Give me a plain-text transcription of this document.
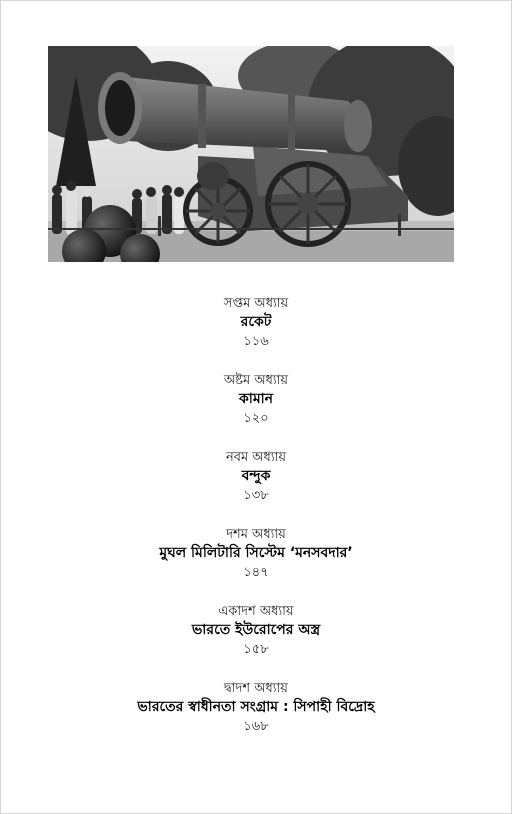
সপ্তম অধ্যায়
রকেট
১১৬
অষ্টম অধ্যায়
কামান
১২০
নবম অধ্যায়
বন্দুক
১৩৮
দশম অধ্যায়
মুঘল মিলিটারি সিস্টেম ‘মনসবদার’
১৪৭
একাদশ অধ্যায়
ভারতে ইউরোপের অস্ত্র
১৫৮
দ্বাদশ অধ্যায়
ভারতের স্বাধীনতা সংগ্রাম : সিপাহী বিদ্রোহ
১৬৮
